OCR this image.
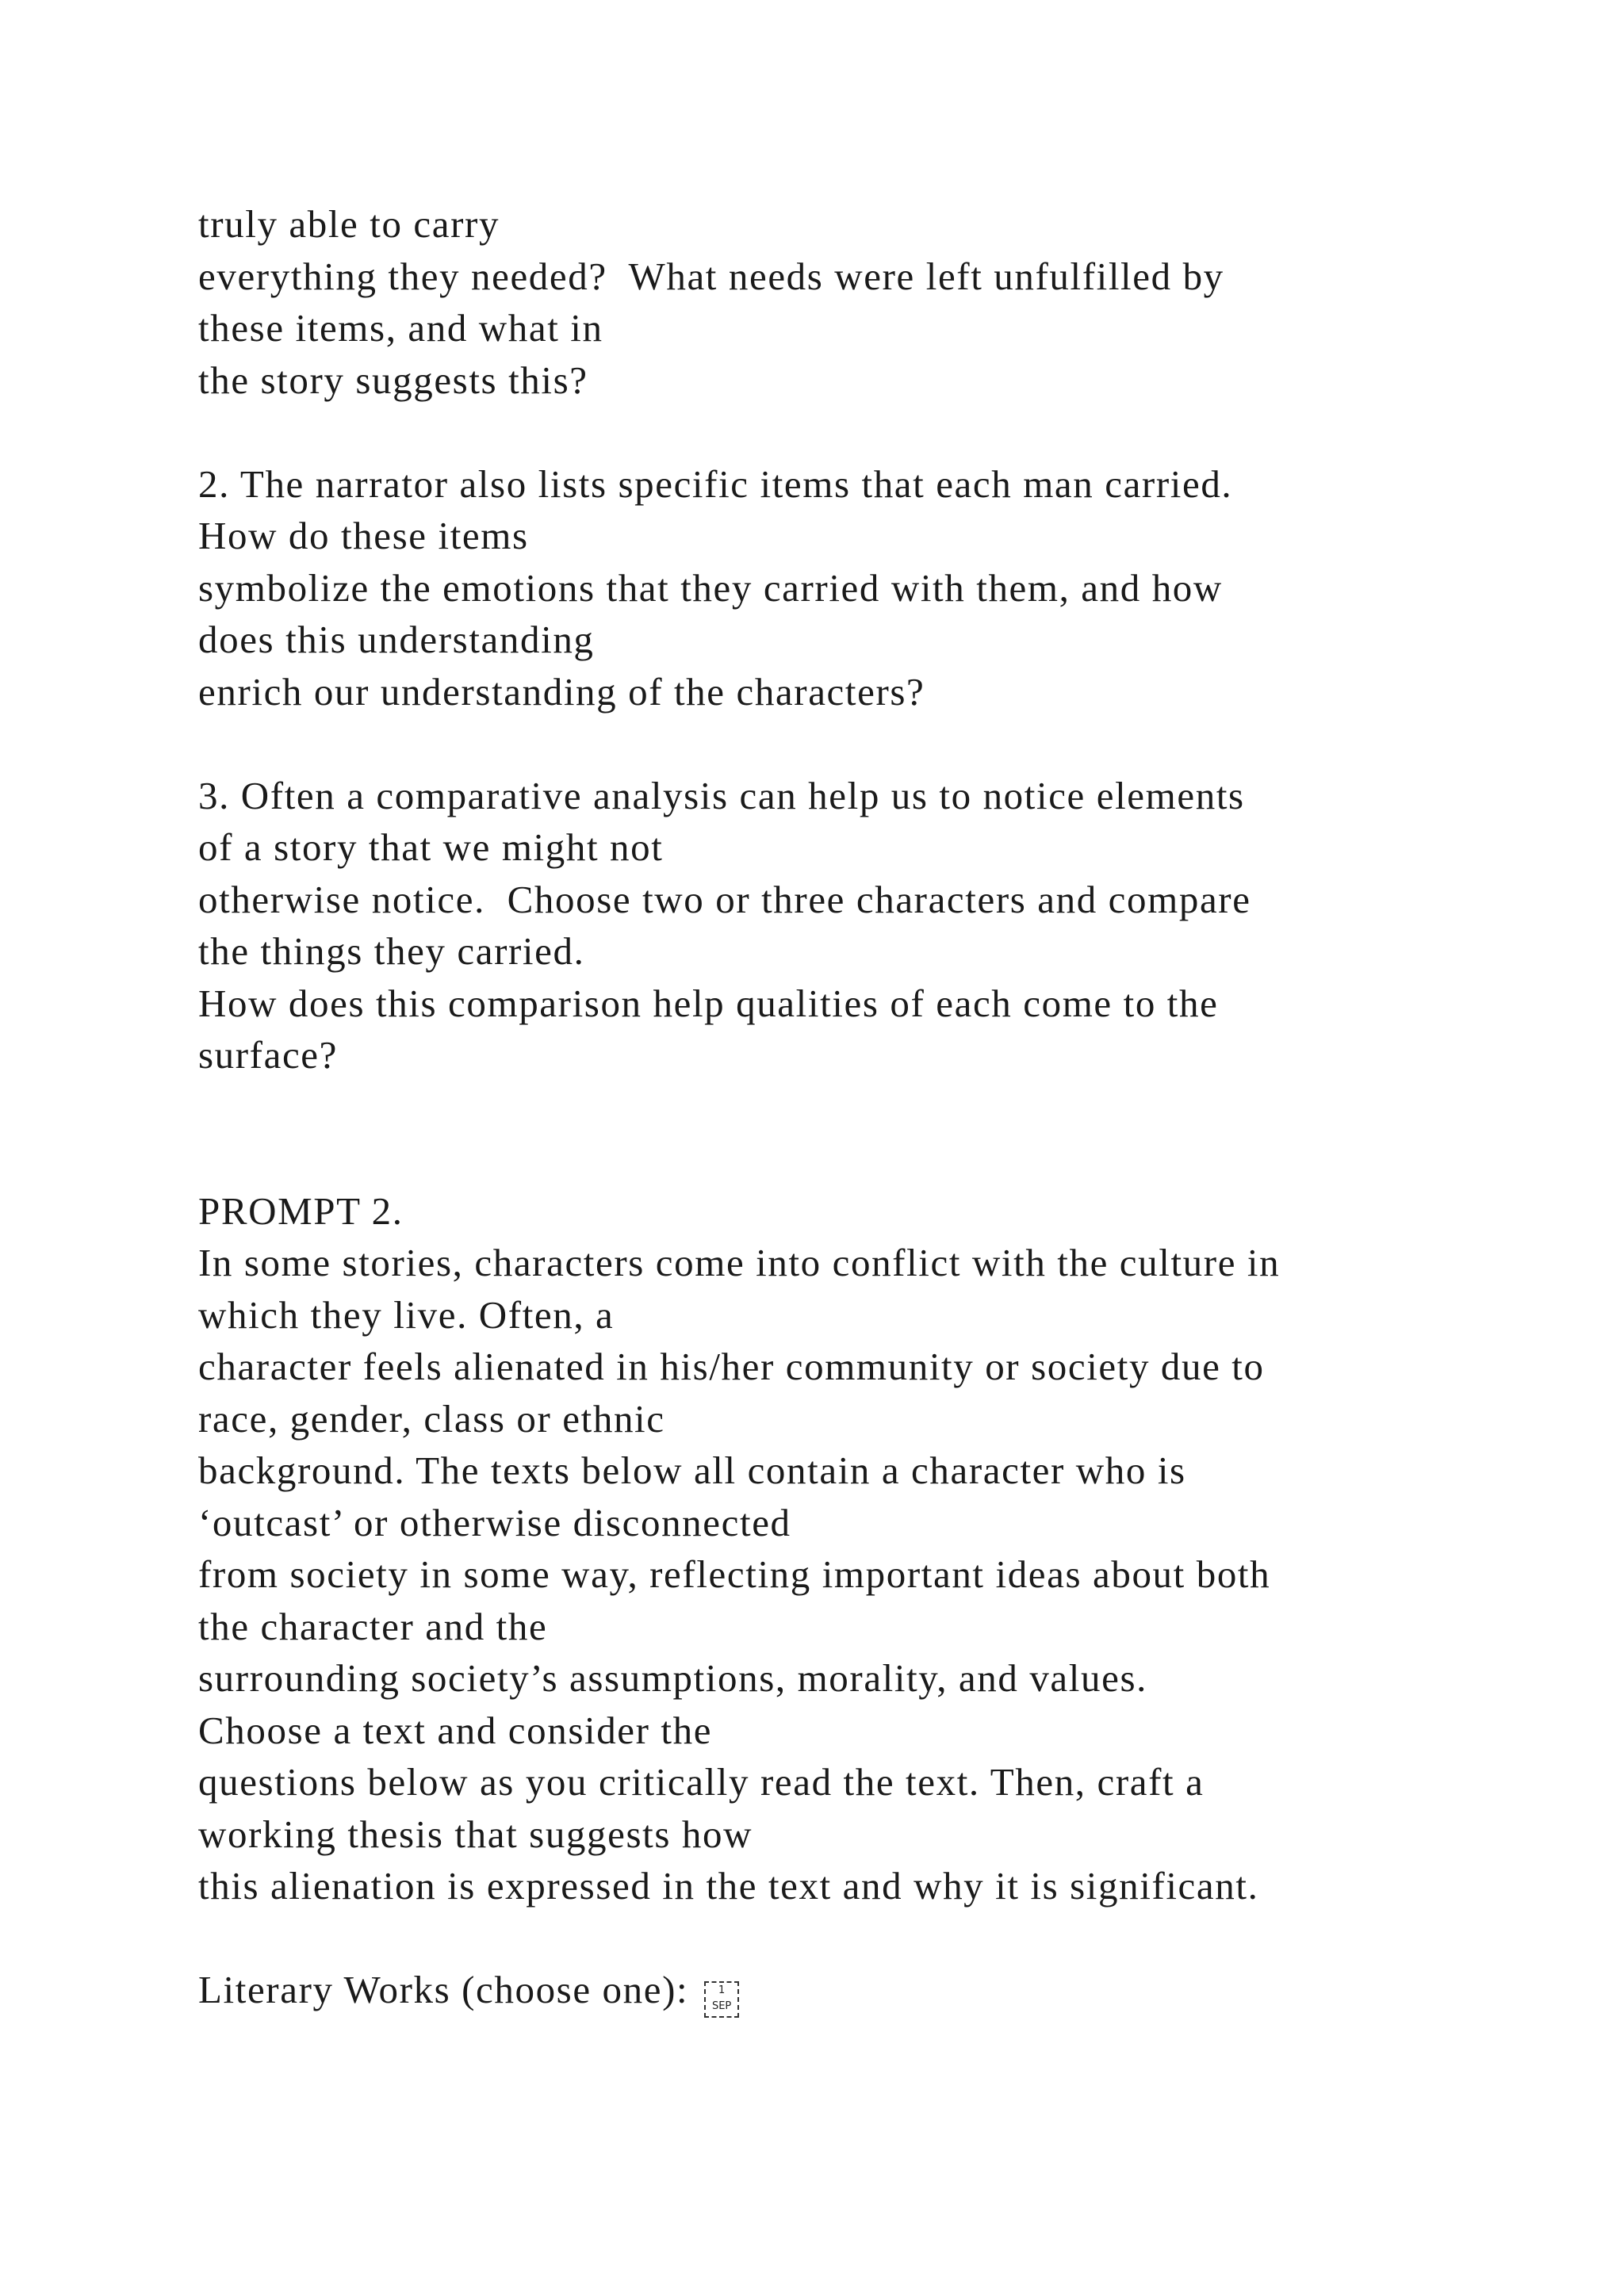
truly able to carry
everything they needed?  What needs were left unfulfilled by
these items, and what in
the story suggests this?
2. The narrator also lists specific items that each man carried.
How do these items
symbolize the emotions that they carried with them, and how
does this understanding
enrich our understanding of the characters?
3. Often a comparative analysis can help us to notice elements
of a story that we might not
otherwise notice.  Choose two or three characters and compare
the things they carried.
How does this comparison help qualities of each come to the
surface?
PROMPT 2.
In some stories, characters come into conflict with the culture in
which they live. Often, a
character feels alienated in his/her community or society due to
race, gender, class or ethnic
background. The texts below all contain a character who is
‘outcast’ or otherwise disconnected
from society in some way, reflecting important ideas about both
the character and the
surrounding society’s assumptions, morality, and values.
Choose a text and consider the
questions below as you critically read the text. Then, craft a
working thesis that suggests how
this alienation is expressed in the text and why it is significant.
Literary Works (choose one):	1
SEP
